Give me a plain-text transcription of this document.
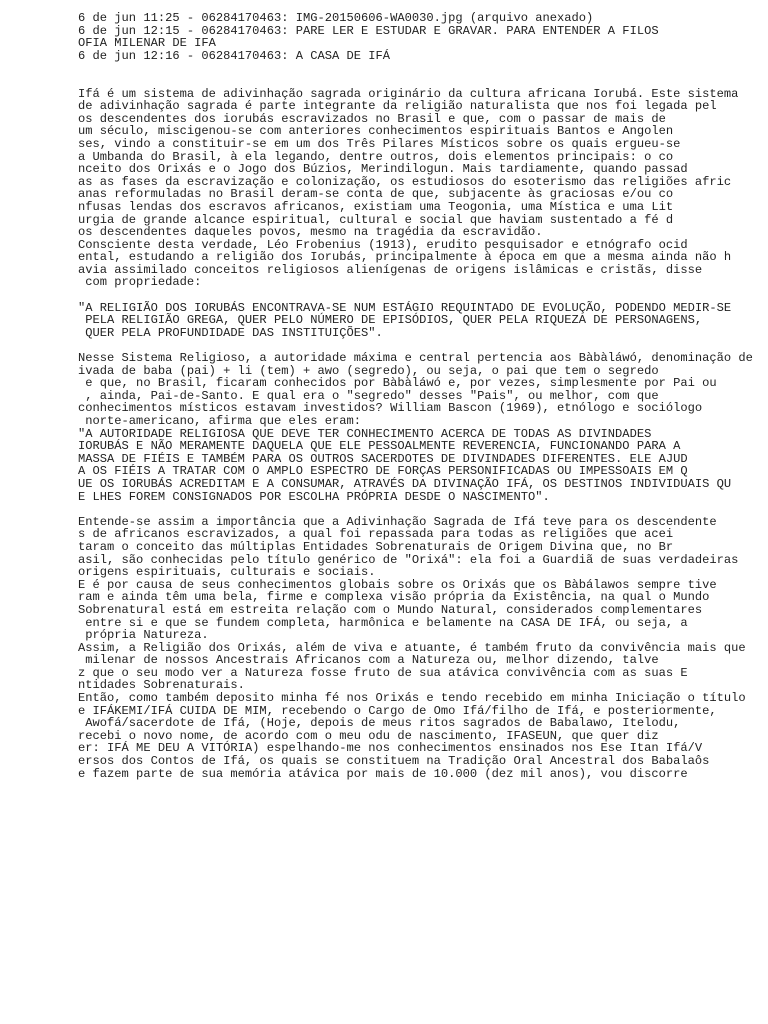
6 de jun 11:25 - 06284170463: IMG-20150606-WA0030.jpg (arquivo anexado)
6 de jun 12:15 - 06284170463: PARE LER E ESTUDAR E GRAVAR. PARA ENTENDER A FILOS
OFIA MILENAR DE IFA
6 de jun 12:16 - 06284170463: A CASA DE IFÁ
Ifá é um sistema de adivinhação sagrada originário da cultura africana Iorubá. Este sistema
de adivinhação sagrada é parte integrante da religião naturalista que nos foi legada pel
os descendentes dos iorubás escravizados no Brasil e que, com o passar de mais de
um século, miscigenou-se com anteriores conhecimentos espirituais Bantos e Angolen
ses, vindo a constituir-se em um dos Três Pilares Místicos sobre os quais ergueu-se
a Umbanda do Brasil, à ela legando, dentre outros, dois elementos principais: o co
nceito dos Orixás e o Jogo dos Búzios, Merindilogun. Mais tardiamente, quando passad
as as fases da escravização e colonização, os estudiosos do esoterismo das religiões afric
anas reformuladas no Brasil deram-se conta de que, subjacente às graciosas e/ou co
nfusas lendas dos escravos africanos, existiam uma Teogonia, uma Mística e uma Lit
urgia de grande alcance espiritual, cultural e social que haviam sustentado a fé d
os descendentes daqueles povos, mesmo na tragédia da escravidão.
Consciente desta verdade, Léo Frobenius (1913), erudito pesquisador e etnógrafo ocid
ental, estudando a religião dos Iorubás, principalmente à época em que a mesma ainda não h
avia assimilado conceitos religiosos alienígenas de origens islâmicas e cristãs, disse
com propriedade:
"A RELIGIÃO DOS IORUBÁS ENCONTRAVA-SE NUM ESTÁGIO REQUINTADO DE EVOLUÇÃO, PODENDO MEDIR-SE
PELA RELIGIÃO GREGA, QUER PELO NÚMERO DE EPISÓDIOS, QUER PELA RIQUEZA DE PERSONAGENS,
QUER PELA PROFUNDIDADE DAS INSTITUIÇÕES".
Nesse Sistema Religioso, a autoridade máxima e central pertencia aos Bàbàláwó, denominação de
ivada de baba (pai) + li (tem) + awo (segredo), ou seja, o pai que tem o segredo
e que, no Brasil, ficaram conhecidos por Bàbàláwó e, por vezes, simplesmente por Pai ou
, ainda, Pai-de-Santo. E qual era o "segredo" desses "Pais", ou melhor, com que
conhecimentos místicos estavam investidos? William Bascon (1969), etnólogo e sociólogo
norte-americano, afirma que eles eram:
"A AUTORIDADE RELIGIOSA QUE DEVE TER CONHECIMENTO ACERCA DE TODAS AS DIVINDADES
IORUBÁS E NÃO MERAMENTE DAQUELA QUE ELE PESSOALMENTE REVERENCIA, FUNCIONANDO PARA A
MASSA DE FIÉIS E TAMBÉM PARA OS OUTROS SACERDOTES DE DIVINDADES DIFERENTES. ELE AJUD
A OS FIÉIS A TRATAR COM O AMPLO ESPECTRO DE FORÇAS PERSONIFICADAS OU IMPESSOAIS EM Q
UE OS IORUBÁS ACREDITAM E A CONSUMAR, ATRAVÉS DA DIVINAÇÃO IFÁ, OS DESTINOS INDIVIDUAIS QU
E LHES FOREM CONSIGNADOS POR ESCOLHA PRÓPRIA DESDE O NASCIMENTO".
Entende-se assim a importância que a Adivinhação Sagrada de Ifá teve para os descendente
s de africanos escravizados, a qual foi repassada para todas as religiões que acei
taram o conceito das múltiplas Entidades Sobrenaturais de Origem Divina que, no Br
asil, são conhecidas pelo título genérico de "Orixá": ela foi a Guardiã de suas verdadeiras
origens espirituais, culturais e sociais.
E é por causa de seus conhecimentos globais sobre os Orixás que os Bàbálawos sempre tive
ram e ainda têm uma bela, firme e complexa visão própria da Existência, na qual o Mundo
Sobrenatural está em estreita relação com o Mundo Natural, considerados complementares
entre si e que se fundem completa, harmônica e belamente na CASA DE IFÁ, ou seja, a
própria Natureza.
Assim, a Religião dos Orixás, além de viva e atuante, é também fruto da convivência mais que
milenar de nossos Ancestrais Africanos com a Natureza ou, melhor dizendo, talve
z que o seu modo ver a Natureza fosse fruto de sua atávica convivência com as suas E
ntidades Sobrenaturais.
Então, como também deposito minha fé nos Orixás e tendo recebido em minha Iniciação o título
e IFÁKEMI/IFÁ CUIDA DE MIM, recebendo o Cargo de Omo Ifá/filho de Ifá, e posteriormente,
Awofá/sacerdote de Ifá, (Hoje, depois de meus ritos sagrados de Babalawo, Itelodu,
recebi o novo nome, de acordo com o meu odu de nascimento, IFASEUN, que quer diz
er: IFÁ ME DEU A VITÓRIA) espelhando-me nos conhecimentos ensinados nos Ese Itan Ifá/V
ersos dos Contos de Ifá, os quais se constituem na Tradição Oral Ancestral dos Babalaôs
e fazem parte de sua memória atávica por mais de 10.000 (dez mil anos), vou discorre
